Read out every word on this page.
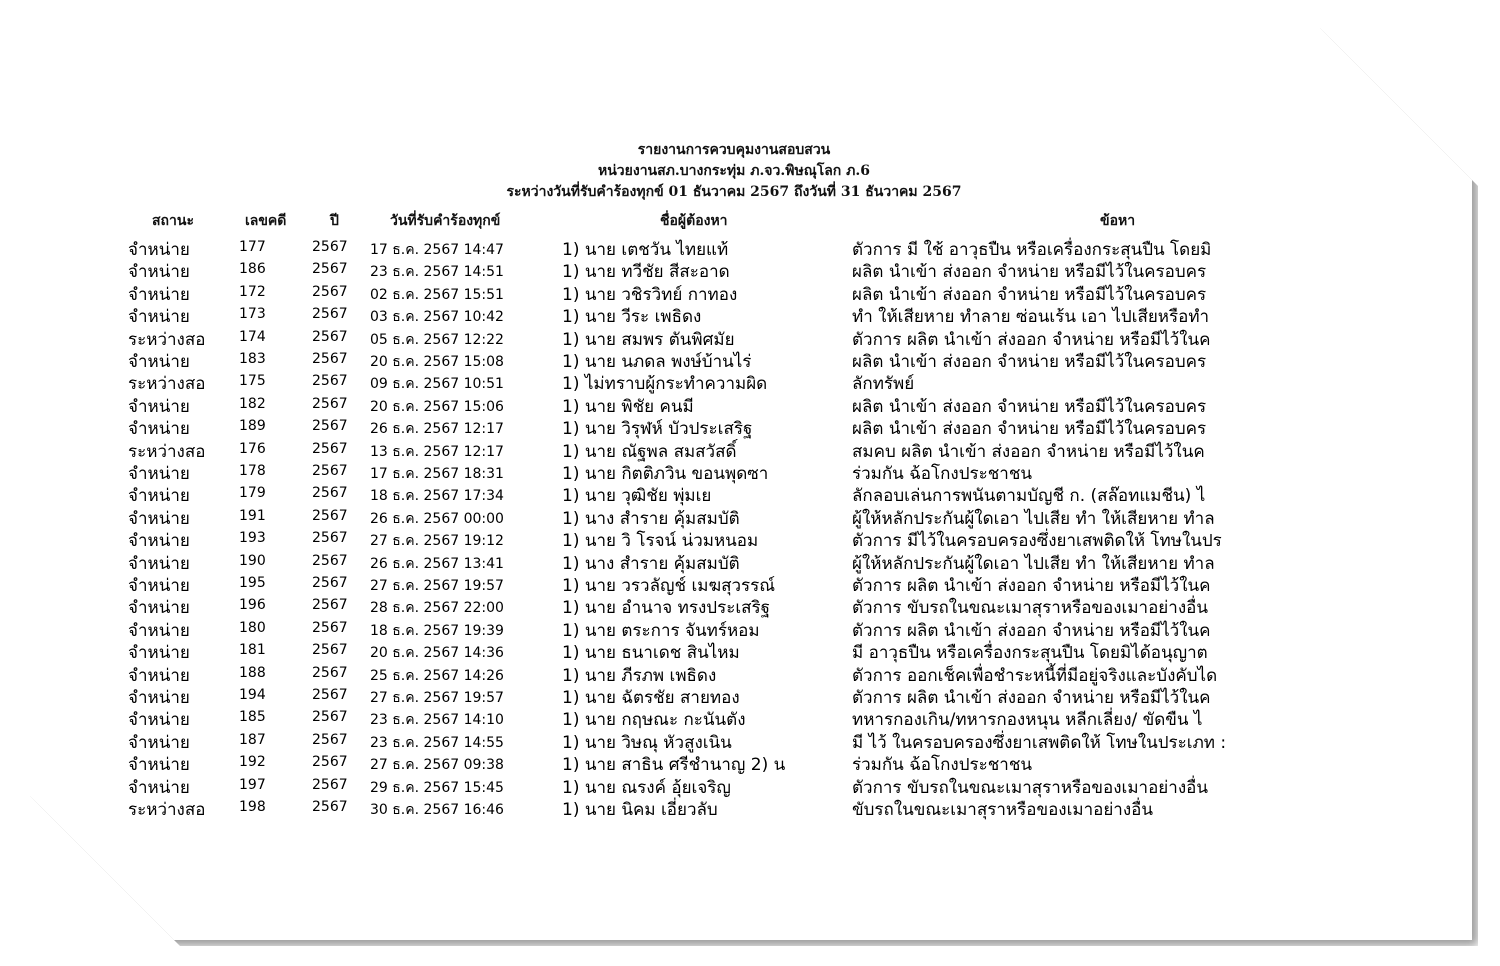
รายงานการควบคุมงานสอบสวน
หน่วยงานสภ.บางกระทุ่ม ภ.จว.พิษณุโลก ภ.6
ระหว่างวันที่รับคำร้องทุกข์ 01 ธันวาคม 2567 ถึงวันที่ 31 ธันวาคม 2567
สถานะ	เลขคดี	ปี	วันที่รับคำร้องทุกข์	ชื่อผู้ต้องหา	ข้อหา
จำหน่าย	177	2567 17 ธ.ค. 2567 14:47	1) นาย เตชวัน ไทยแท้	ตัวการ มี ใช้ อาวุธปืน หรือเครื่องกระสุนปืน โดยมิ
จำหน่าย	186	2567 23 ธ.ค. 2567 14:51	1) นาย ทวีชัย สีสะอาด	ผลิต นำเข้า ส่งออก จำหน่าย หรือมีไว้ในครอบคร
จำหน่าย	172	2567 02 ธ.ค. 2567 15:51	1) นาย วชิรวิทย์ กาทอง	ผลิต นำเข้า ส่งออก จำหน่าย หรือมีไว้ในครอบคร
จำหน่าย	173	2567 03 ธ.ค. 2567 10:42	1) นาย วีระ เพธิดง	ทำ ให้เสียหาย ทำลาย ซ่อนเร้น เอา ไปเสียหรือทำ
ระหว่างสอ 174	2567 05 ธ.ค. 2567 12:22	1) นาย สมพร ตันพิศมัย	ตัวการ ผลิต นำเข้า ส่งออก จำหน่าย หรือมีไว้ในค
จำหน่าย	183	2567 20 ธ.ค. 2567 15:08	1) นาย นภดล พงษ์บ้านไร่	ผลิต นำเข้า ส่งออก จำหน่าย หรือมีไว้ในครอบคร
ระหว่างสอ 175	2567 09 ธ.ค. 2567 10:51	1) ไม่ทราบผู้กระทำความผิด	ลักทรัพย์
จำหน่าย	182	2567 20 ธ.ค. 2567 15:06	1) นาย พิชัย คนมี	ผลิต นำเข้า ส่งออก จำหน่าย หรือมีไว้ในครอบคร
จำหน่าย	189	2567 26 ธ.ค. 2567 12:17	1) นาย วิรุฬห์ บัวประเสริฐ	ผลิต นำเข้า ส่งออก จำหน่าย หรือมีไว้ในครอบคร
ระหว่างสอ 176	2567 13 ธ.ค. 2567 12:17	1) นาย ณัฐพล สมสวัสดิ์	สมคบ ผลิต นำเข้า ส่งออก จำหน่าย หรือมีไว้ในค
จำหน่าย	178	2567 17 ธ.ค. 2567 18:31	1) นาย กิตติภวิน ขอนพุดซา	ร่วมกัน ฉ้อโกงประชาชน
จำหน่าย	179	2567 18 ธ.ค. 2567 17:34	1) นาย วุฒิชัย พุ่มเย	ลักลอบเล่นการพนันตามบัญชี ก. (สล๊อทแมชีน) ไ
จำหน่าย	191	2567 26 ธ.ค. 2567 00:00	1) นาง สำราย คุ้มสมบัติ	ผู้ให้หลักประกันผู้ใดเอา ไปเสีย ทำ ให้เสียหาย ทำล
จำหน่าย	193	2567 27 ธ.ค. 2567 19:12	1) นาย วิ โรจน์ น่วมหนอม	ตัวการ มีไว้ในครอบครองซึ่งยาเสพติดให้ โทษในปร
จำหน่าย	190	2567 26 ธ.ค. 2567 13:41	1) นาง สำราย คุ้มสมบัติ	ผู้ให้หลักประกันผู้ใดเอา ไปเสีย ทำ ให้เสียหาย ทำล
จำหน่าย	195	2567 27 ธ.ค. 2567 19:57	1) นาย วรวลัญช์ เมฆสุวรรณ์	ตัวการ ผลิต นำเข้า ส่งออก จำหน่าย หรือมีไว้ในค
จำหน่าย	196	2567 28 ธ.ค. 2567 22:00	1) นาย อำนาจ ทรงประเสริฐ	ตัวการ ขับรถในขณะเมาสุราหรือของเมาอย่างอื่น
จำหน่าย	180	2567 18 ธ.ค. 2567 19:39	1) นาย ตระการ จันทร์หอม	ตัวการ ผลิต นำเข้า ส่งออก จำหน่าย หรือมีไว้ในค
จำหน่าย	181	2567 20 ธ.ค. 2567 14:36	1) นาย ธนาเดช สินไหม	มี อาวุธปืน หรือเครื่องกระสุนปืน โดยมิได้อนุญาต
จำหน่าย	188	2567 25 ธ.ค. 2567 14:26	1) นาย ภีรภพ เพธิดง	ตัวการ ออกเช็คเพื่อชำระหนี้ที่มีอยู่จริงและบังคับได
จำหน่าย	194	2567 27 ธ.ค. 2567 19:57	1) นาย ฉัตรชัย สายทอง	ตัวการ ผลิต นำเข้า ส่งออก จำหน่าย หรือมีไว้ในค
จำหน่าย	185	2567 23 ธ.ค. 2567 14:10	1) นาย กฤษณะ กะนันตัง	ทหารกองเกิน/ทหารกองหนุน หลีกเลี่ยง/ ขัดขืน ไ
จำหน่าย	187	2567 23 ธ.ค. 2567 14:55	1) นาย วิษณุ หัวสูงเนิน	มี ไว้ ในครอบครองซึ่งยาเสพติดให้ โทษในประเภท :
จำหน่าย	192	2567 27 ธ.ค. 2567 09:38	1) นาย สาธิน ศรีชำนาญ 2) น	ร่วมกัน ฉ้อโกงประชาชน
จำหน่าย	197	2567 29 ธ.ค. 2567 15:45	1) นาย ณรงค์ อุ้ยเจริญ	ตัวการ ขับรถในขณะเมาสุราหรือของเมาอย่างอื่น
ระหว่างสอ 198	2567 30 ธ.ค. 2567 16:46	1) นาย นิคม เอี่ยวลับ	ขับรถในขณะเมาสุราหรือของเมาอย่างอื่น
